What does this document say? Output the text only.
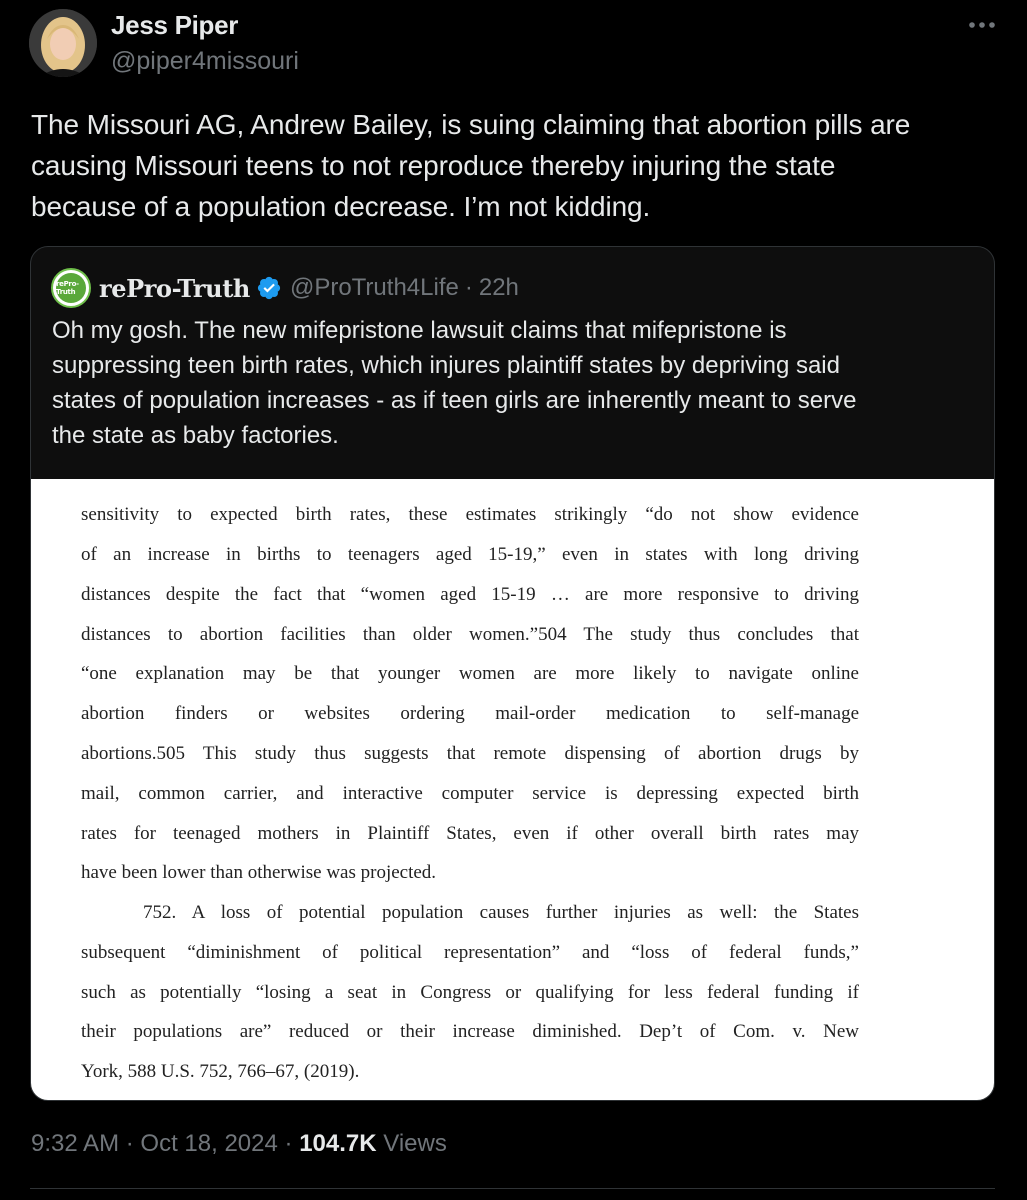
Jess Piper
@piper4missouri
The Missouri AG, Andrew Bailey, is suing claiming that abortion pills are
causing Missouri teens to not reproduce thereby injuring the state
because of a population decrease. I’m not kidding.
rePro-Truth rePro-Truth @ProTruth4Life · 22h
Oh my gosh. The new mifepristone lawsuit claims that mifepristone is
suppressing teen birth rates, which injures plaintiff states by depriving said
states of population increases - as if teen girls are inherently meant to serve
the state as baby factories.
sensitivity to expected birth rates, these estimates strikingly “do not show evidence
of an increase in births to teenagers aged 15-19,” even in states with long driving
distances despite the fact that “women aged 15-19 … are more responsive to driving
distances to abortion facilities than older women.”504 The study thus concludes that
“one explanation may be that younger women are more likely to navigate online
abortion finders or websites ordering mail-order medication to self-manage
abortions.505 This study thus suggests that remote dispensing of abortion drugs by
mail, common carrier, and interactive computer service is depressing expected birth
rates for teenaged mothers in Plaintiff States, even if other overall birth rates may
have been lower than otherwise was projected.
752. A loss of potential population causes further injuries as well: the States
subsequent “diminishment of political representation” and “loss of federal funds,”
such as potentially “losing a seat in Congress or qualifying for less federal funding if
their populations are” reduced or their increase diminished. Dep’t of Com. v. New
York, 588 U.S. 752, 766–67, (2019).
9:32 AM · Oct 18, 2024 · 104.7K Views
